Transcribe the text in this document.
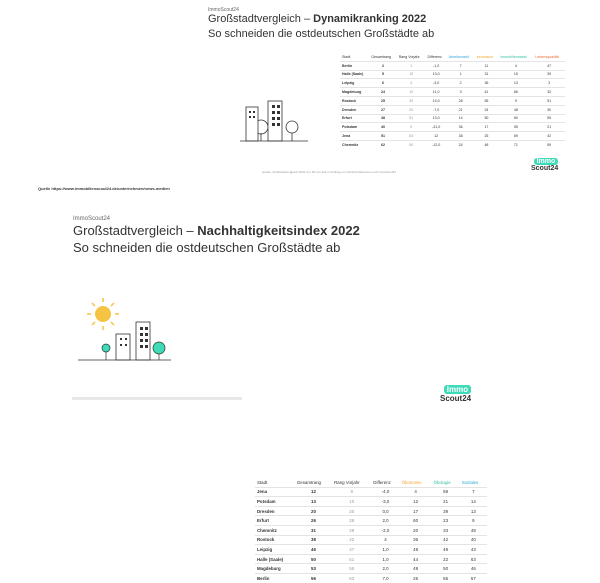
ImmoScout24
Großstadtvergleich – Dynamikranking 2022
So schneiden die ostdeutschen Großstädte ab
Stadt	Gesamtrang	Rang Vorjahr	Differenz	Arbeitsmarkt	Innovation	Immobilienmarkt	Lebensqualität
Berlin	2	1	-1,0	7	11	4	47
Halle (Saale)	5	15	13,0	1	31	15	39
Leipzig	6	3	-3,0	2	36	13	3
Magdeburg	24	10	11,0	3	41	66	32
Rostock	25	39	14,0	28	55	9	51
Dresden	27	20	-7,0	21	24	48	30
Erfurt	38	51	13,0	14	50	60	55
Potsdam	40	9	-31,0	36	17	55	21
Jena	51	63	12	38	25	69	42
Chemnitz	62	50	-12,0	24	48	71	59
Quelle: Großstadtvergleich 2022 von IW Consult im Auftrag von Wirtschaftswoche und ImmoScout24
Immo
Scout24
Quelle https://www.immobilienscout24.de/unternehmen/news-medien
ImmoScout24
Großstadtvergleich – Nachhaltigkeitsindex 2022
So schneiden die ostdeutschen Großstädte ab
Stadt	Gesamtrang	Rang Vorjahr	Differenz	Ökonomie	Ökologie	Soziales
Jena	12	8	-4,0	4	59	7
Potsdam	13	10	-3,0	12	21	14
Dresden	20	20	0,0	17	39	13
Erfurt	26	28	2,0	60	23	9
Chemnitz	31	29	-2,0	20	33	48
Rostock	38	42	4	36	42	40
Leipzig	46	47	1,0	48	49	43
Halle (Saale)	50	51	1,0	44	22	63
Magdeburg	53	55	2,0	49	50	46
Berlin	56	63	7,0	26	66	57
Immo
Scout24
